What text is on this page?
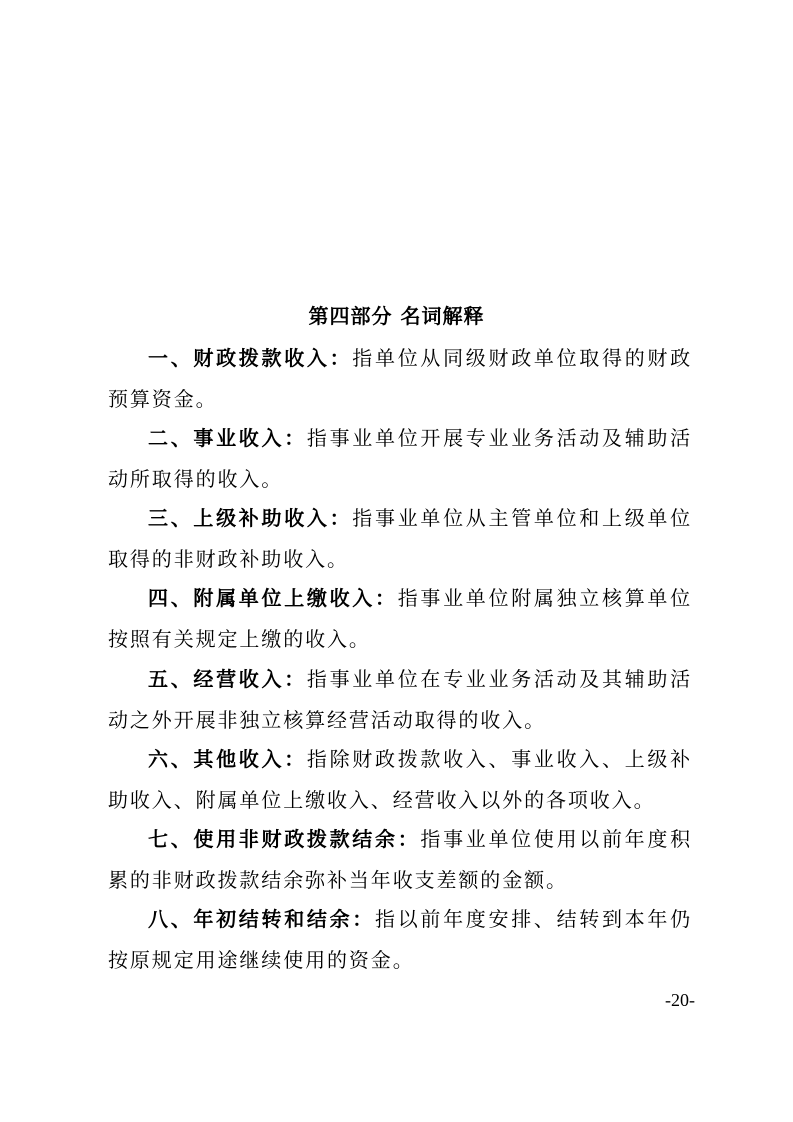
第四部分 名词解释

一、财政拨款收入：指单位从同级财政单位取得的财政预算资金。

二、事业收入：指事业单位开展专业业务活动及辅助活动所取得的收入。

三、上级补助收入：指事业单位从主管单位和上级单位取得的非财政补助收入。

四、附属单位上缴收入：指事业单位附属独立核算单位按照有关规定上缴的收入。

五、经营收入：指事业单位在专业业务活动及其辅助活动之外开展非独立核算经营活动取得的收入。

六、其他收入：指除财政拨款收入、事业收入、上级补助收入、附属单位上缴收入、经营收入以外的各项收入。

七、使用非财政拨款结余：指事业单位使用以前年度积累的非财政拨款结余弥补当年收支差额的金额。

八、年初结转和结余：指以前年度安排、结转到本年仍按原规定用途继续使用的资金。

-20-
